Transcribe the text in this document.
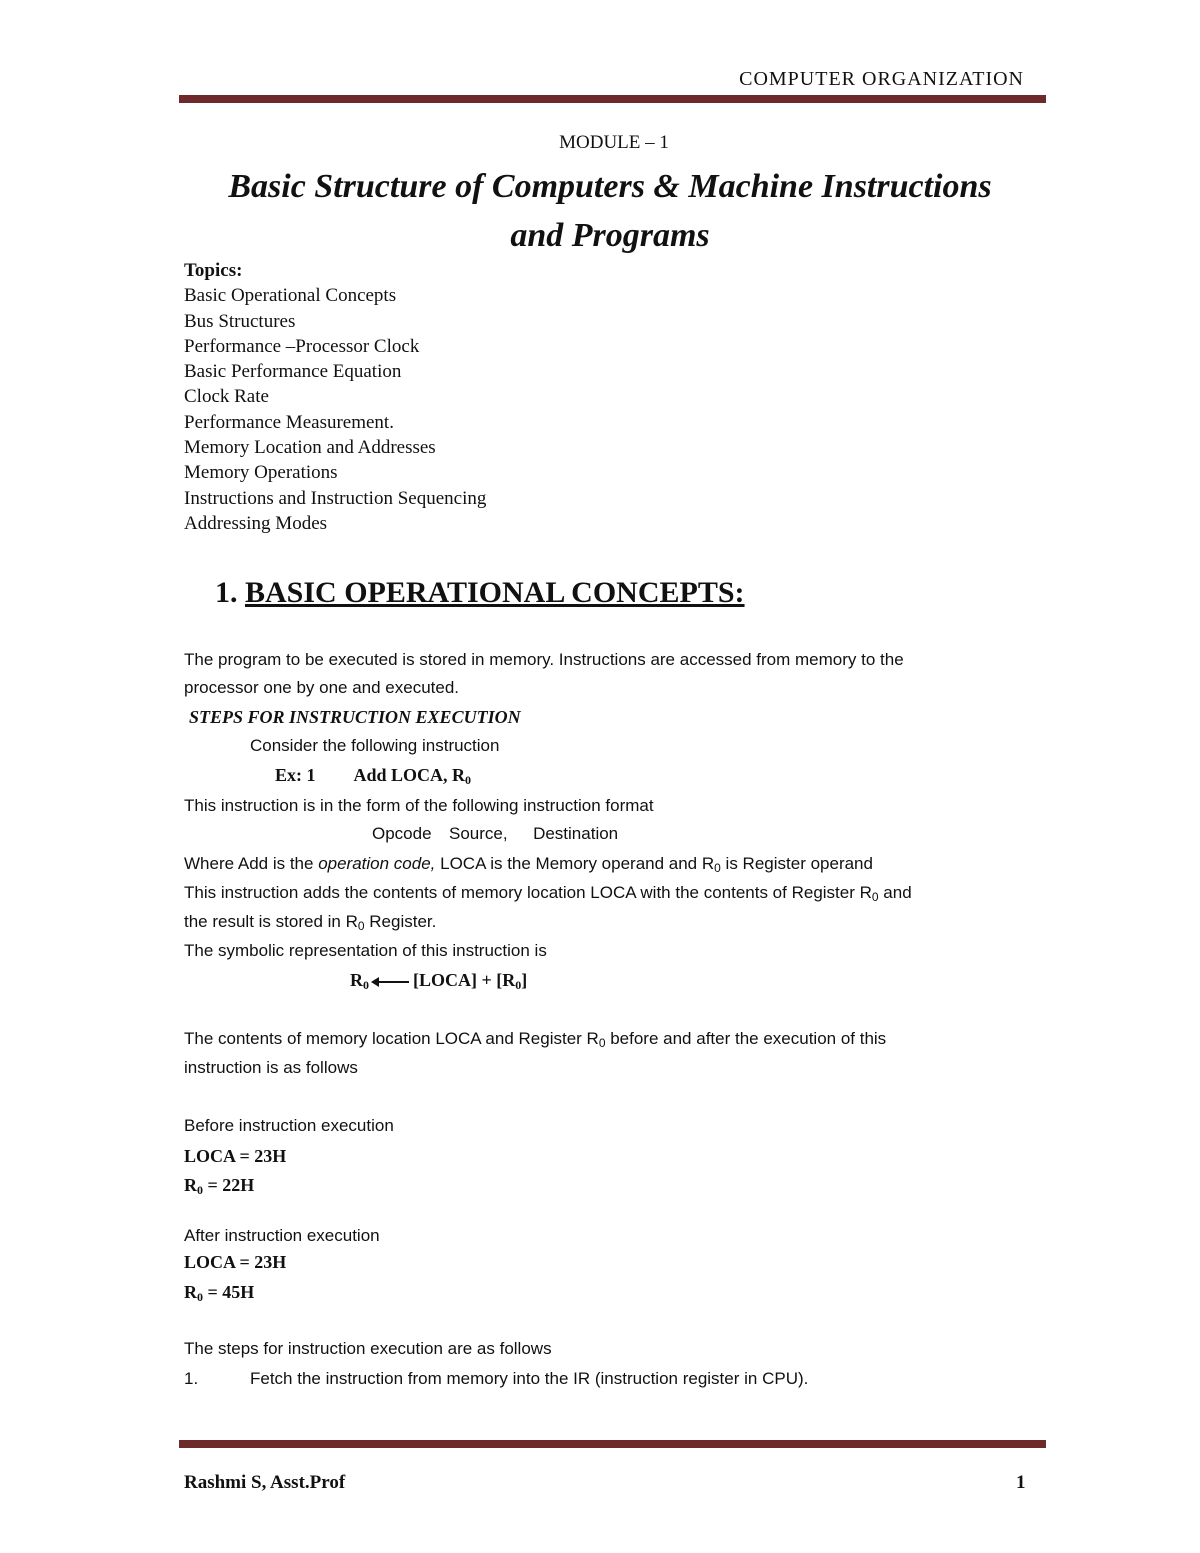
COMPUTER ORGANIZATION
MODULE – 1
Basic Structure of Computers & Machine Instructions
and Programs
Topics:
Basic Operational Concepts
Bus Structures
Performance –Processor Clock
Basic Performance Equation
Clock Rate
Performance Measurement.
Memory Location and Addresses
Memory Operations
Instructions and Instruction Sequencing
Addressing Modes
1. BASIC OPERATIONAL CONCEPTS:
The program to be executed is stored in memory. Instructions are accessed from memory to the
processor one by one and executed.
STEPS FOR INSTRUCTION EXECUTION
Consider the following instruction
Ex: 1 Add LOCA, $R_0$
This instruction is in the form of the following instruction format
Opcode Source, Destination
Where Add is the operation code, LOCA is the Memory operand and $R_0$ is Register operand
This instruction adds the contents of memory location LOCA with the contents of Register $R_0$ and
the result is stored in $R_0$ Register.
The symbolic representation of this instruction is
$R_0$ [LOCA] + $[R_0]$
The contents of memory location LOCA and Register $R_0$ before and after the execution of this
instruction is as follows
Before instruction execution
LOCA = 23H
$R_0 = 22H$
After instruction execution
LOCA = 23H
$R_0 = 45H$
The steps for instruction execution are as follows
1.	Fetch the instruction from memory into the IR (instruction register in CPU).
Rashmi S, Asst.Prof	1
